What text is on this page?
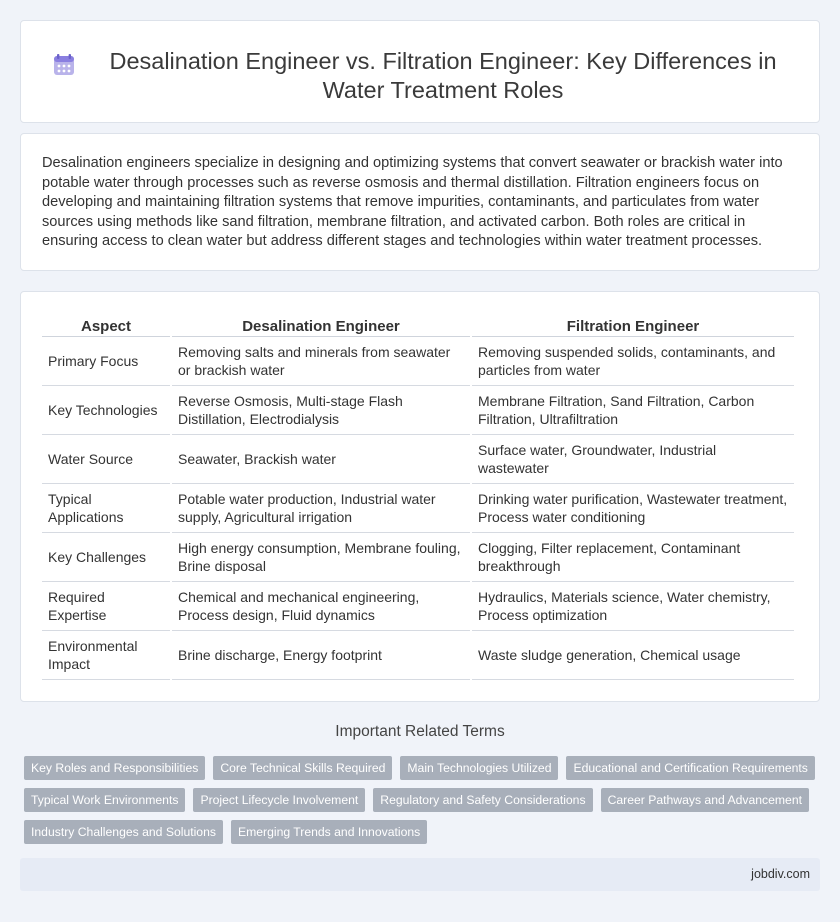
Desalination Engineer vs. Filtration Engineer: Key Differences in Water Treatment Roles

Desalination engineers specialize in designing and optimizing systems that convert seawater or brackish water into potable water through processes such as reverse osmosis and thermal distillation. Filtration engineers focus on developing and maintaining filtration systems that remove impurities, contaminants, and particulates from water sources using methods like sand filtration, membrane filtration, and activated carbon. Both roles are critical in ensuring access to clean water but address different stages and technologies within water treatment processes.

Aspect	Desalination Engineer	Filtration Engineer
Primary Focus	Removing salts and minerals from seawater or brackish water	Removing suspended solids, contaminants, and particles from water
Key Technologies	Reverse Osmosis, Multi-stage Flash Distillation, Electrodialysis	Membrane Filtration, Sand Filtration, Carbon Filtration, Ultrafiltration
Water Source	Seawater, Brackish water	Surface water, Groundwater, Industrial wastewater
Typical Applications	Potable water production, Industrial water supply, Agricultural irrigation	Drinking water purification, Wastewater treatment, Process water conditioning
Key Challenges	High energy consumption, Membrane fouling, Brine disposal	Clogging, Filter replacement, Contaminant breakthrough
Required Expertise	Chemical and mechanical engineering, Process design, Fluid dynamics	Hydraulics, Materials science, Water chemistry, Process optimization
Environmental Impact	Brine discharge, Energy footprint	Waste sludge generation, Chemical usage
Important Related Terms
Key Roles and Responsibilities	Core Technical Skills Required	Main Technologies Utilized	Educational and Certification Requirements
Typical Work Environments	Project Lifecycle Involvement	Regulatory and Safety Considerations	Career Pathways and Advancement
Industry Challenges and Solutions	Emerging Trends and Innovations
jobdiv.com
